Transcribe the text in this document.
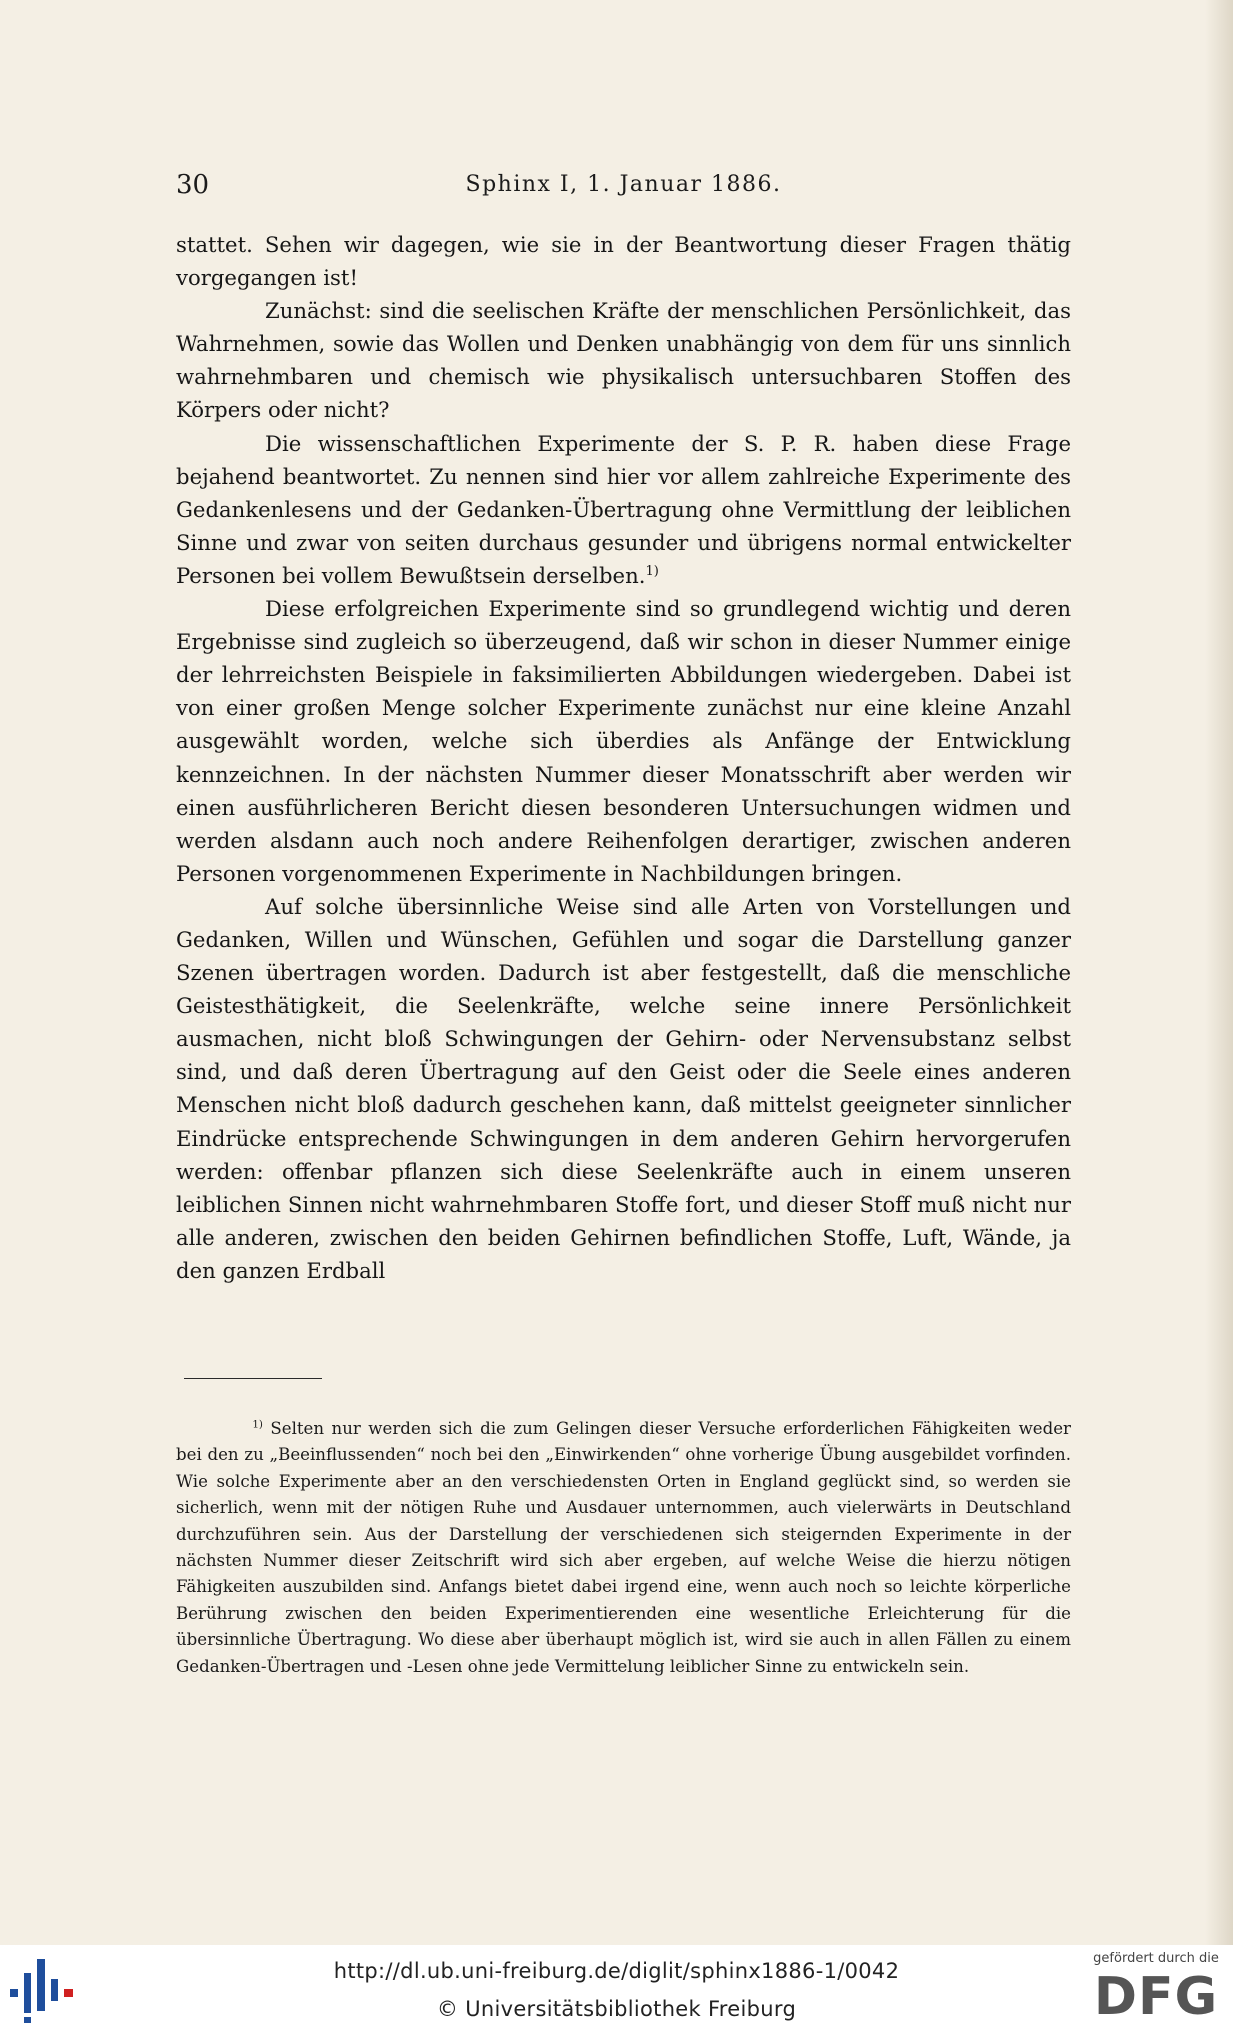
30	Sphinx I, 1. Januar 1886.

stattet. Sehen wir dagegen, wie sie in der Beantwortung dieser Fragen thätig vorgegangen ist!

Zunächst: sind die seelischen Kräfte der menschlichen Persönlichkeit, das Wahrnehmen, sowie das Wollen und Denken unabhängig von dem für uns sinnlich wahrnehmbaren und chemisch wie physikalisch untersuchbaren Stoffen des Körpers oder nicht?

Die wissenschaftlichen Experimente der S. P. R. haben diese Frage bejahend beantwortet. Zu nennen sind hier vor allem zahlreiche Experimente des Gedankenlesens und der Gedanken-Übertragung ohne Vermittlung der leiblichen Sinne und zwar von seiten durchaus gesunder und übrigens normal entwickelter Personen bei vollem Bewußtsein derselben.$^{1)}$

Diese erfolgreichen Experimente sind so grundlegend wichtig und deren Ergebnisse sind zugleich so überzeugend, daß wir schon in dieser Nummer einige der lehrreichsten Beispiele in faksimilierten Abbildungen wiedergeben. Dabei ist von einer großen Menge solcher Experimente zunächst nur eine kleine Anzahl ausgewählt worden, welche sich überdies als Anfänge der Entwicklung kennzeichnen. In der nächsten Nummer dieser Monatsschrift aber werden wir einen ausführlicheren Bericht diesen besonderen Untersuchungen widmen und werden alsdann auch noch andere Reihenfolgen derartiger, zwischen anderen Personen vorgenommenen Experimente in Nachbildungen bringen.

Auf solche übersinnliche Weise sind alle Arten von Vorstellungen und Gedanken, Willen und Wünschen, Gefühlen und sogar die Darstellung ganzer Szenen übertragen worden. Dadurch ist aber festgestellt, daß die menschliche Geistesthätigkeit, die Seelenkräfte, welche seine innere Persönlichkeit ausmachen, nicht bloß Schwingungen der Gehirn- oder Nervensubstanz selbst sind, und daß deren Übertragung auf den Geist oder die Seele eines anderen Menschen nicht bloß dadurch geschehen kann, daß mittelst geeigneter sinnlicher Eindrücke entsprechende Schwingungen in dem anderen Gehirn hervorgerufen werden: offenbar pflanzen sich diese Seelenkräfte auch in einem unseren leiblichen Sinnen nicht wahrnehmbaren Stoffe fort, und dieser Stoff muß nicht nur alle anderen, zwischen den beiden Gehirnen befindlichen Stoffe, Luft, Wände, ja den ganzen Erdball

$^{1)}$ Selten nur werden sich die zum Gelingen dieser Versuche erforderlichen Fähigkeiten weder bei den zu „Beeinflussenden“ noch bei den „Einwirkenden“ ohne vorherige Übung ausgebildet vorfinden. Wie solche Experimente aber an den verschiedensten Orten in England geglückt sind, so werden sie sicherlich, wenn mit der nötigen Ruhe und Ausdauer unternommen, auch vielerwärts in Deutschland durchzuführen sein. Aus der Darstellung der verschiedenen sich steigernden Experimente in der nächsten Nummer dieser Zeitschrift wird sich aber ergeben, auf welche Weise die hierzu nötigen Fähigkeiten auszubilden sind. Anfangs bietet dabei irgend eine, wenn auch noch so leichte körperliche Berührung zwischen den beiden Experimentierenden eine wesentliche Erleichterung für die übersinnliche Übertragung. Wo diese aber überhaupt möglich ist, wird sie auch in allen Fällen zu einem Gedanken-Übertragen und -Lesen ohne jede Vermittelung leiblicher Sinne zu entwickeln sein.

http://dl.ub.uni-freiburg.de/diglit/sphinx1886-1/0042
© Universitätsbibliothek Freiburg
gefördert durch die
DFG
